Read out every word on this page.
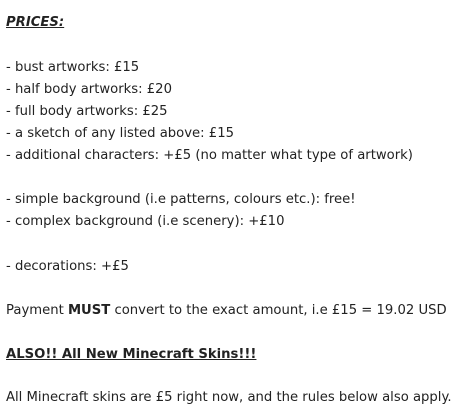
PRICES:
- bust artworks: £15
- half body artworks: £20
- full body artworks: £25
- a sketch of any listed above: £15
- additional characters: +£5 (no matter what type of artwork)
- simple background (i.e patterns, colours etc.): free!
- complex background (i.e scenery): +£10
- decorations: +£5
Payment MUST convert to the exact amount, i.e £15 = 19.02 USD
ALSO!! All New Minecraft Skins!!!
All Minecraft skins are £5 right now, and the rules below also apply.
